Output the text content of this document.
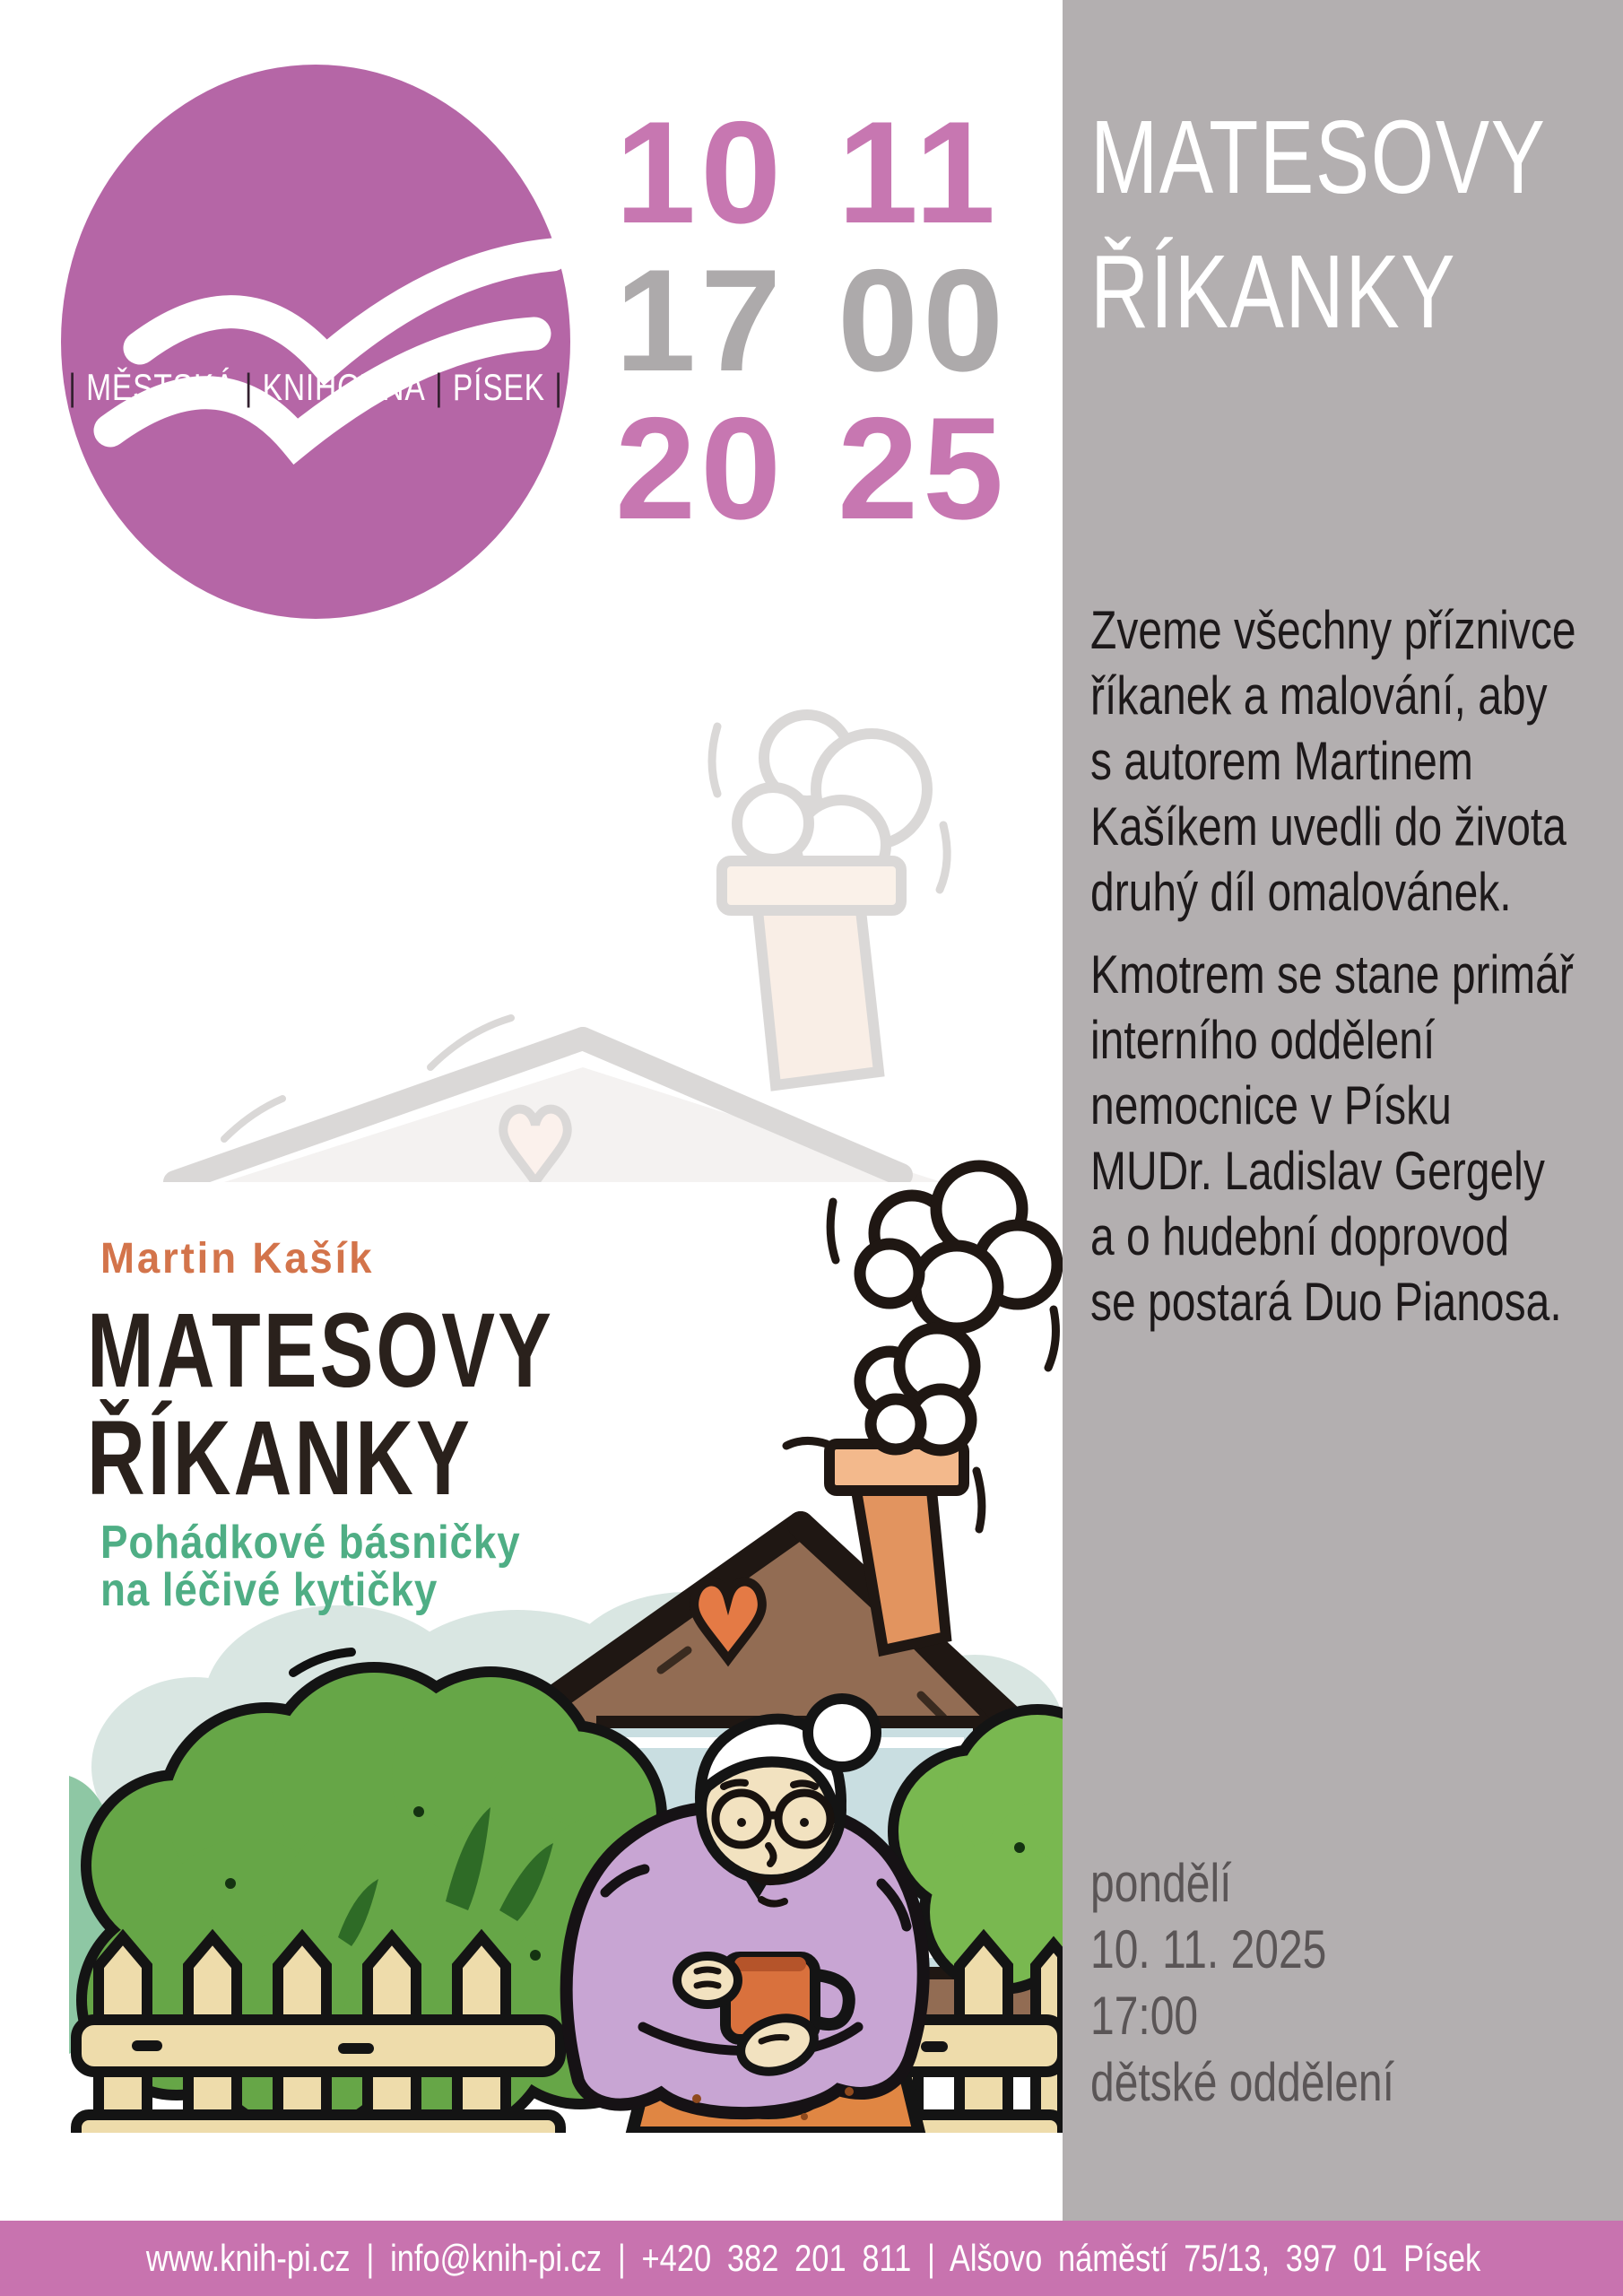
| MĚSTSKÁ | KNIHOVNA | PÍSEK |
10 11
17 00
20 25
MATESOVY
ŘÍKANKY
Zveme všechny příznivce
říkanek a malování, aby
s autorem Martinem
Kašíkem uvedli do života
druhý díl omalovánek.
Kmotrem se stane primář
interního oddělení
nemocnice v Písku
MUDr. Ladislav Gergely
a o hudební doprovod
se postará Duo Pianosa.
pondělí
10. 11. 2025
17:00
dětské oddělení
Martin Kašík
MATESOVY
ŘÍKANKY
Pohádkové básničky
na léčivé kytičky
www.knih-pi.cz | info@knih-pi.cz | +420 382 201 811 | Alšovo náměstí 75/13, 397 01 Písek
